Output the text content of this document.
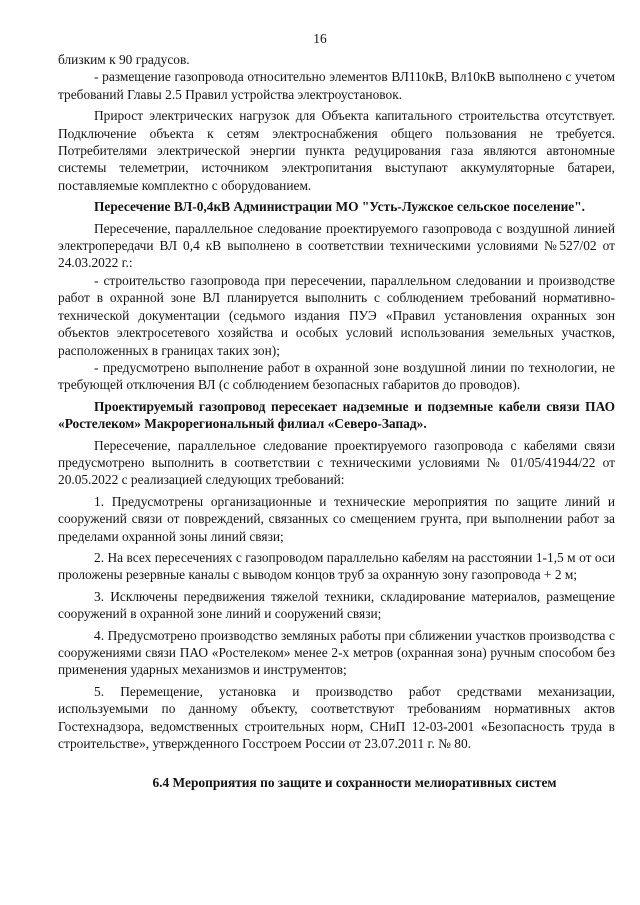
16

близким к 90 градусов.

- размещение газопровода относительно элементов ВЛ110кВ, Вл10кВ выполнено с учетом требований Главы 2.5 Правил устройства электроустановок.

Прирост электрических нагрузок для Объекта капитального строительства отсутствует. Подключение объекта к сетям электроснабжения общего пользования не требуется. Потребителями электрической энергии пункта редуцирования газа являются автономные системы телеметрии, источником электропитания выступают аккумуляторные батареи, поставляемые комплектно с оборудованием.

Пересечение ВЛ-0,4кВ Администрации МО "Усть-Лужское сельское поселение".

Пересечение, параллельное следование проектируемого газопровода с воздушной линией электропередачи ВЛ 0,4 кВ выполнено в соответствии техническими условиями №527/02 от 24.03.2022 г.:

- строительство газопровода при пересечении, параллельном следовании и производстве работ в охранной зоне ВЛ планируется выполнить с соблюдением требований нормативно-технической документации (седьмого издания ПУЭ «Правил установления охранных зон объектов электросетевого хозяйства и особых условий использования земельных участков, расположенных в границах таких зон);

- предусмотрено выполнение работ в охранной зоне воздушной линии по технологии, не требующей отключения ВЛ (с соблюдением безопасных габаритов до проводов).

Проектируемый газопровод пересекает надземные и подземные кабели связи ПАО «Ростелеком» Макрорегиональный филиал «Северо-Запад».

Пересечение, параллельное следование проектируемого газопровода с кабелями связи предусмотрено выполнить в соответствии с техническими условиями № 01/05/41944/22 от 20.05.2022 с реализацией следующих требований:

1. Предусмотрены организационные и технические мероприятия по защите линий и сооружений связи от повреждений, связанных со смещением грунта, при выполнении работ за пределами охранной зоны линий связи;

2. На всех пересечениях с газопроводом параллельно кабелям на расстоянии 1-1,5 м от оси проложены резервные каналы с выводом концов труб за охранную зону газопровода + 2 м;

3. Исключены передвижения тяжелой техники, складирование материалов, размещение сооружений в охранной зоне линий и сооружений связи;

4. Предусмотрено производство земляных работы при сближении участков производства с сооружениями связи ПАО «Ростелеком» менее 2-х метров (охранная зона) ручным способом без применения ударных механизмов и инструментов;

5. Перемещение, установка и производство работ средствами механизации, используемыми по данному объекту, соответствуют требованиям нормативных актов Гостехнадзора, ведомственных строительных норм, СНиП 12-03-2001 «Безопасность труда в строительстве», утвержденного Госстроем России от 23.07.2011 г. № 80.

6.4 Мероприятия по защите и сохранности мелиоративных систем
